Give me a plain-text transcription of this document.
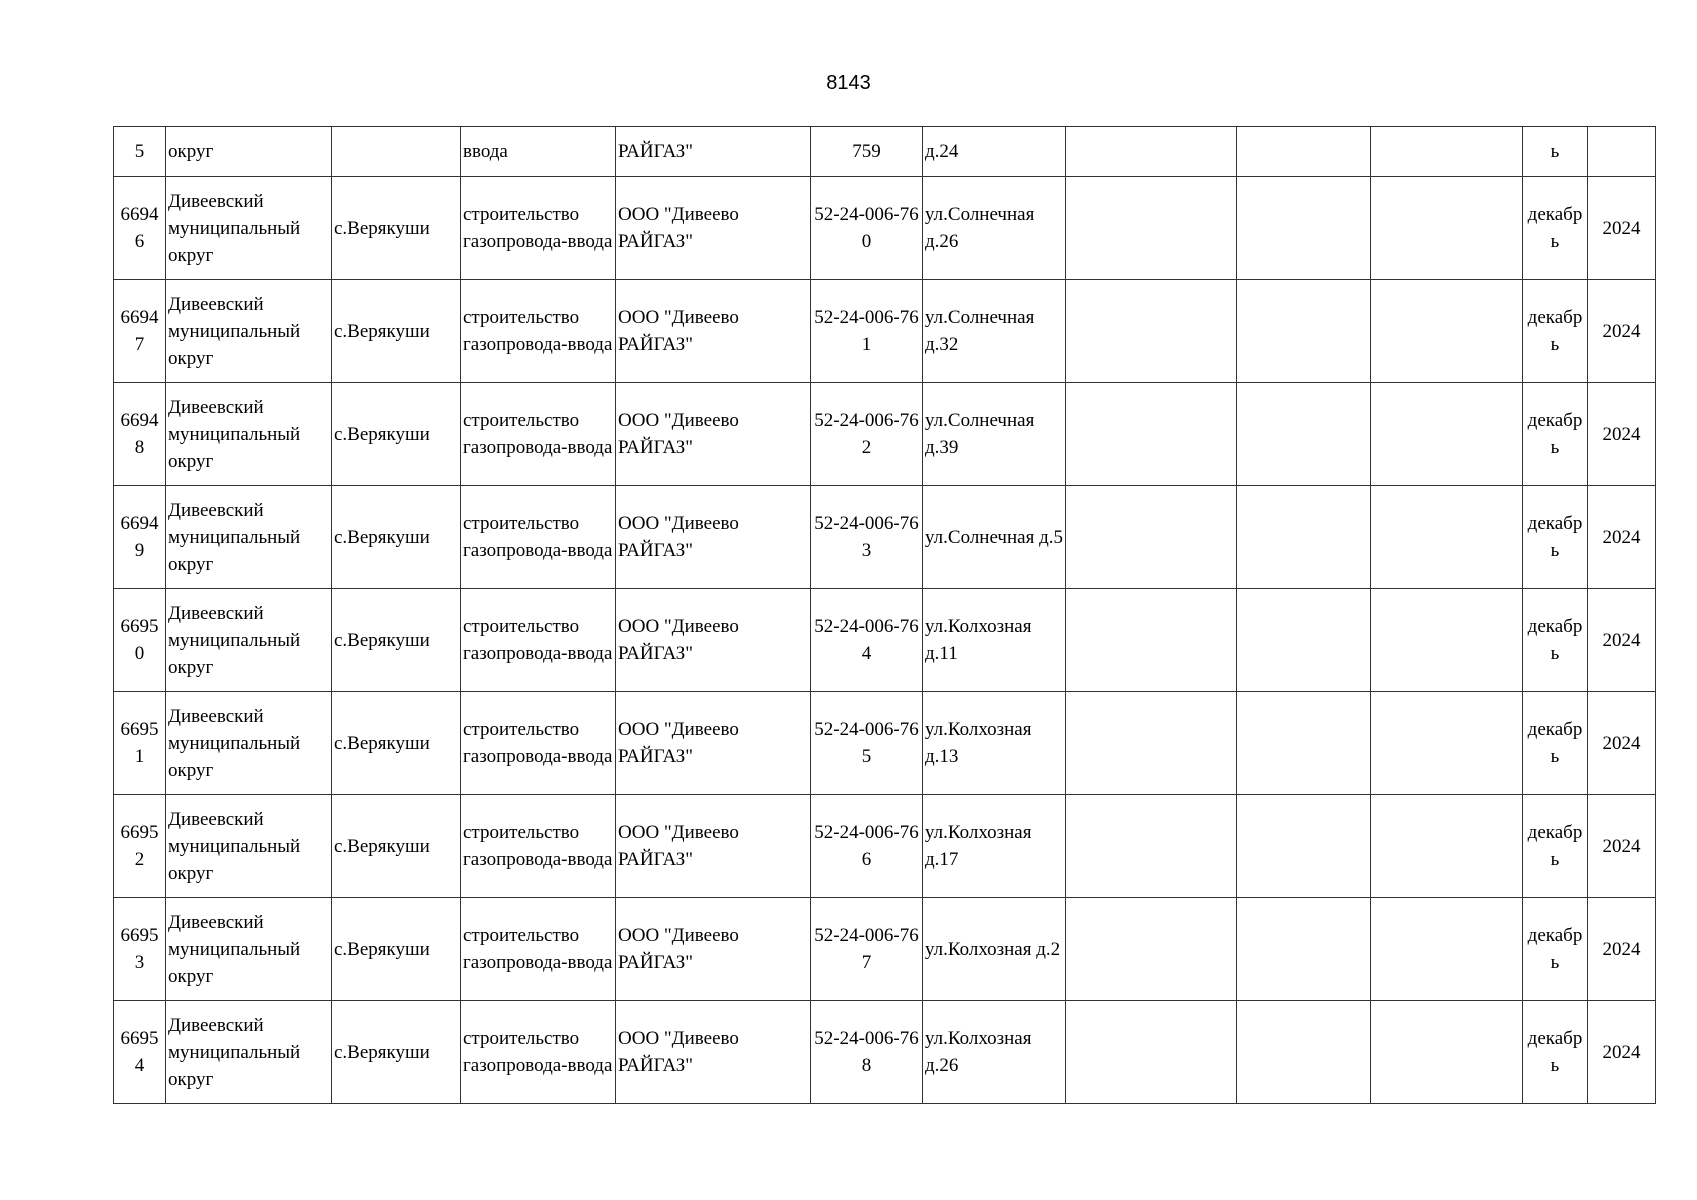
8143
5	округ		ввода	РАЙГАЗ"	759	д.24				ь	

66946	Дивеевский муниципальный округ	с.Верякуши	строительство газопровода-ввода	ООО "Дивеево РАЙГАЗ"	52-24-006-760	ул.Солнечная д.26				декабрь	2024

66947	Дивеевский муниципальный округ	с.Верякуши	строительство газопровода-ввода	ООО "Дивеево РАЙГАЗ"	52-24-006-761	ул.Солнечная д.32				декабрь	2024

66948	Дивеевский муниципальный округ	с.Верякуши	строительство газопровода-ввода	ООО "Дивеево РАЙГАЗ"	52-24-006-762	ул.Солнечная д.39				декабрь	2024

66949	Дивеевский муниципальный округ	с.Верякуши	строительство газопровода-ввода	ООО "Дивеево РАЙГАЗ"	52-24-006-763	ул.Солнечная д.5				декабрь	2024

66950	Дивеевский муниципальный округ	с.Верякуши	строительство газопровода-ввода	ООО "Дивеево РАЙГАЗ"	52-24-006-764	ул.Колхозная д.11				декабрь	2024

66951	Дивеевский муниципальный округ	с.Верякуши	строительство газопровода-ввода	ООО "Дивеево РАЙГАЗ"	52-24-006-765	ул.Колхозная д.13				декабрь	2024

66952	Дивеевский муниципальный округ	с.Верякуши	строительство газопровода-ввода	ООО "Дивеево РАЙГАЗ"	52-24-006-766	ул.Колхозная д.17				декабрь	2024

66953	Дивеевский муниципальный округ	с.Верякуши	строительство газопровода-ввода	ООО "Дивеево РАЙГАЗ"	52-24-006-767	ул.Колхозная д.2				декабрь	2024

66954	Дивеевский муниципальный округ	с.Верякуши	строительство газопровода-ввода	ООО "Дивеево РАЙГАЗ"	52-24-006-768	ул.Колхозная д.26				декабрь	2024
